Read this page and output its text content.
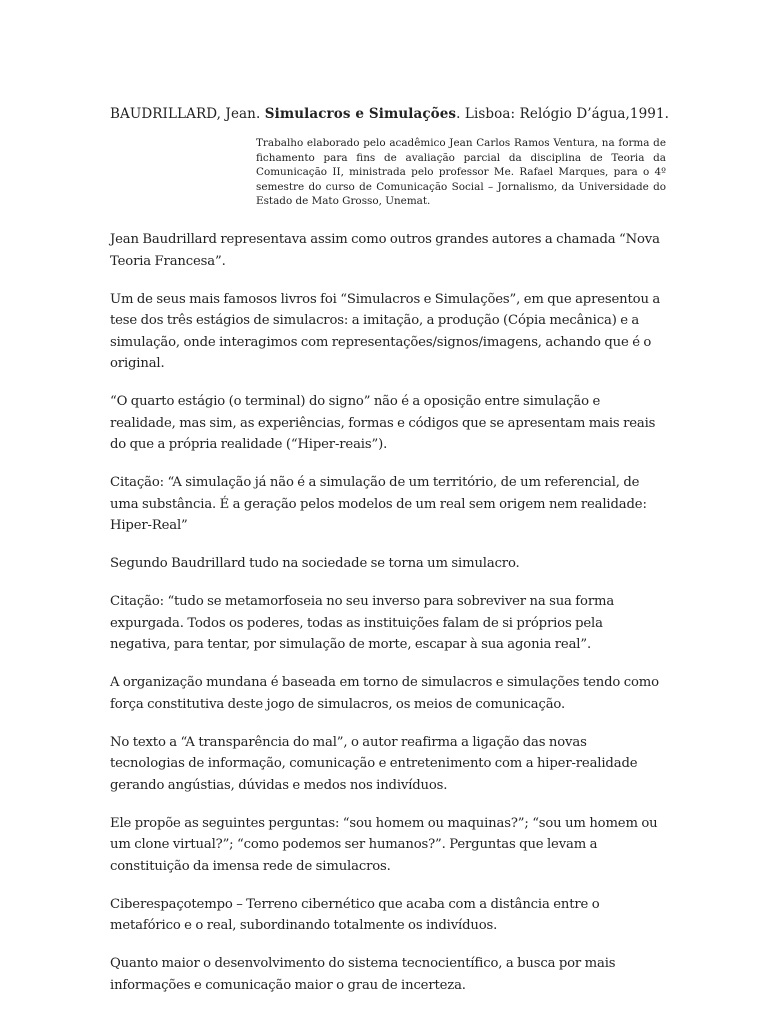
BAUDRILLARD, Jean. Simulacros e Simulações. Lisboa: Relógio D’água,1991.
Trabalho elaborado pelo acadêmico Jean Carlos Ramos Ventura, na forma de fichamento para fins de avaliação parcial da disciplina de Teoria da Comunicação II, ministrada pelo professor Me. Rafael Marques, para o 4º semestre do curso de Comunicação Social – Jornalismo, da Universidade do Estado de Mato Grosso, Unemat.

Jean Baudrillard representava assim como outros grandes autores a chamada “Nova Teoria Francesa”.

Um de seus mais famosos livros foi “Simulacros e Simulações”, em que apresentou a tese dos três estágios de simulacros: a imitação, a produção (Cópia mecânica) e a simulação, onde interagimos com representações/signos/imagens, achando que é o original.

“O quarto estágio (o terminal) do signo” não é a oposição entre simulação e realidade, mas sim, as experiências, formas e códigos que se apresentam mais reais do que a própria realidade (“Hiper-reais”).

Citação: “A simulação já não é a simulação de um território, de um referencial, de uma substância. É a geração pelos modelos de um real sem origem nem realidade: Hiper-Real”

Segundo Baudrillard tudo na sociedade se torna um simulacro.

Citação: “tudo se metamorfoseia no seu inverso para sobreviver na sua forma expurgada. Todos os poderes, todas as instituições falam de si próprios pela negativa, para tentar, por simulação de morte, escapar à sua agonia real”.

A organização mundana é baseada em torno de simulacros e simulações tendo como força constitutiva deste jogo de simulacros, os meios de comunicação.

No texto a “A transparência do mal”, o autor reafirma a ligação das novas tecnologias de informação, comunicação e entretenimento com a hiper-realidade gerando angústias, dúvidas e medos nos indivíduos.

Ele propõe as seguintes perguntas: “sou homem ou maquinas?”; “sou um homem ou um clone virtual?”; “como podemos ser humanos?”. Perguntas que levam a constituição da imensa rede de simulacros.

Ciberespaçotempo – Terreno cibernético que acaba com a distância entre o metafórico e o real, subordinando totalmente os indivíduos.

Quanto maior o desenvolvimento do sistema tecnocientífico, a busca por mais informações e comunicação maior o grau de incerteza.
